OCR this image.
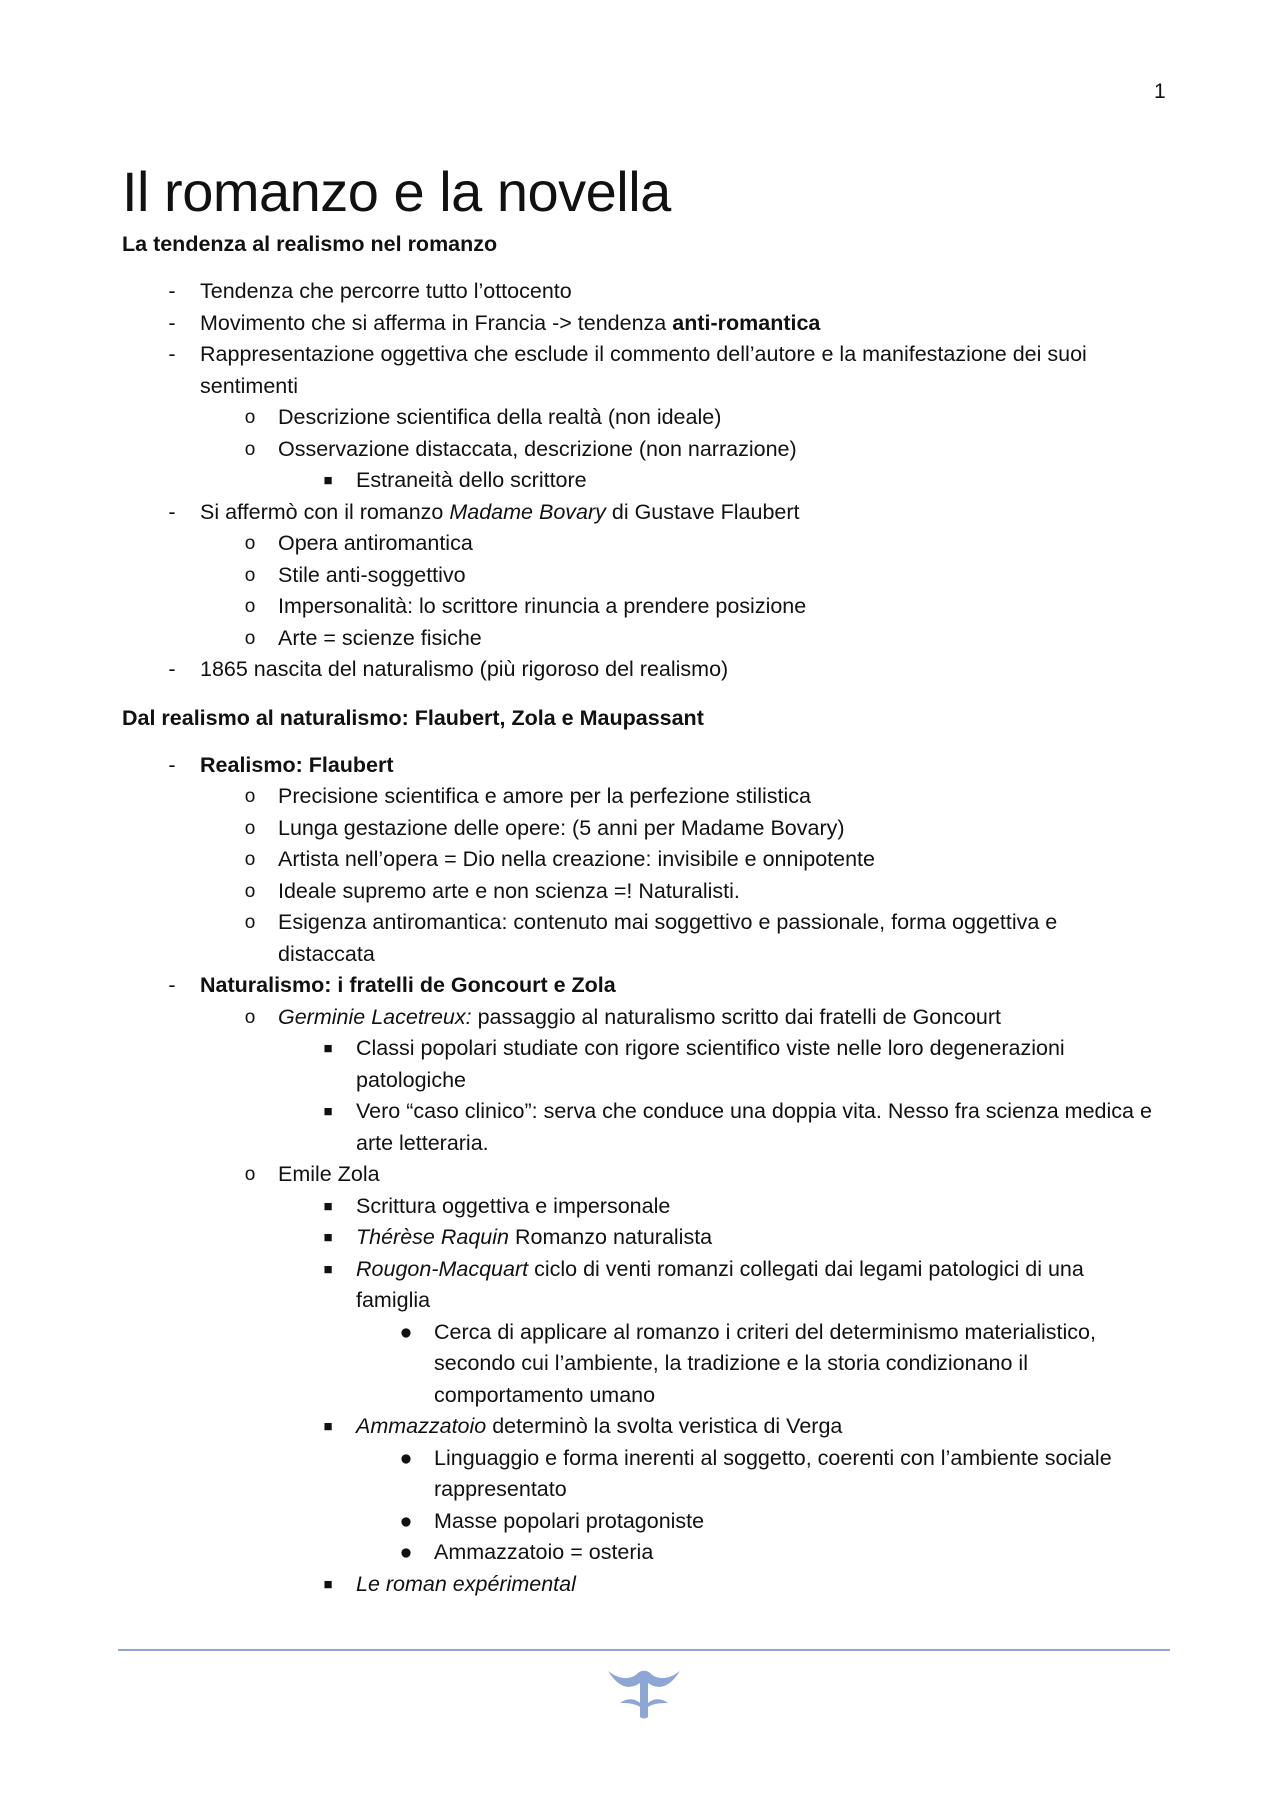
1
Il romanzo e la novella
La tendenza al realismo nel romanzo
- Tendenza che percorre tutto l’ottocento
- Movimento che si afferma in Francia -> tendenza anti-romantica
- Rappresentazione oggettiva che esclude il commento dell’autore e la manifestazione dei suoi
sentimenti
o Descrizione scientifica della realtà (non ideale)
o Osservazione distaccata, descrizione (non narrazione)
■ Estraneità dello scrittore
- Si affermò con il romanzo Madame Bovary di Gustave Flaubert
o Opera antiromantica
o Stile anti-soggettivo
o Impersonalità: lo scrittore rinuncia a prendere posizione
o Arte = scienze fisiche
- 1865 nascita del naturalismo (più rigoroso del realismo)
Dal realismo al naturalismo: Flaubert, Zola e Maupassant
- Realismo: Flaubert
o Precisione scientifica e amore per la perfezione stilistica
o Lunga gestazione delle opere: (5 anni per Madame Bovary)
o Artista nell’opera = Dio nella creazione: invisibile e onnipotente
o Ideale supremo arte e non scienza =! Naturalisti.
o Esigenza antiromantica: contenuto mai soggettivo e passionale, forma oggettiva e
distaccata
- Naturalismo: i fratelli de Goncourt e Zola
o Germinie Lacetreux: passaggio al naturalismo scritto dai fratelli de Goncourt
■ Classi popolari studiate con rigore scientifico viste nelle loro degenerazioni
patologiche
■ Vero “caso clinico”: serva che conduce una doppia vita. Nesso fra scienza medica e
arte letteraria.
o Emile Zola
■ Scrittura oggettiva e impersonale
■ Thérèse Raquin Romanzo naturalista
■ Rougon-Macquart ciclo di venti romanzi collegati dai legami patologici di una
famiglia
● Cerca di applicare al romanzo i criteri del determinismo materialistico,
secondo cui l’ambiente, la tradizione e la storia condizionano il
comportamento umano
■ Ammazzatoio determinò la svolta veristica di Verga
● Linguaggio e forma inerenti al soggetto, coerenti con l’ambiente sociale
rappresentato
● Masse popolari protagoniste
● Ammazzatoio = osteria
■ Le roman expérimental
